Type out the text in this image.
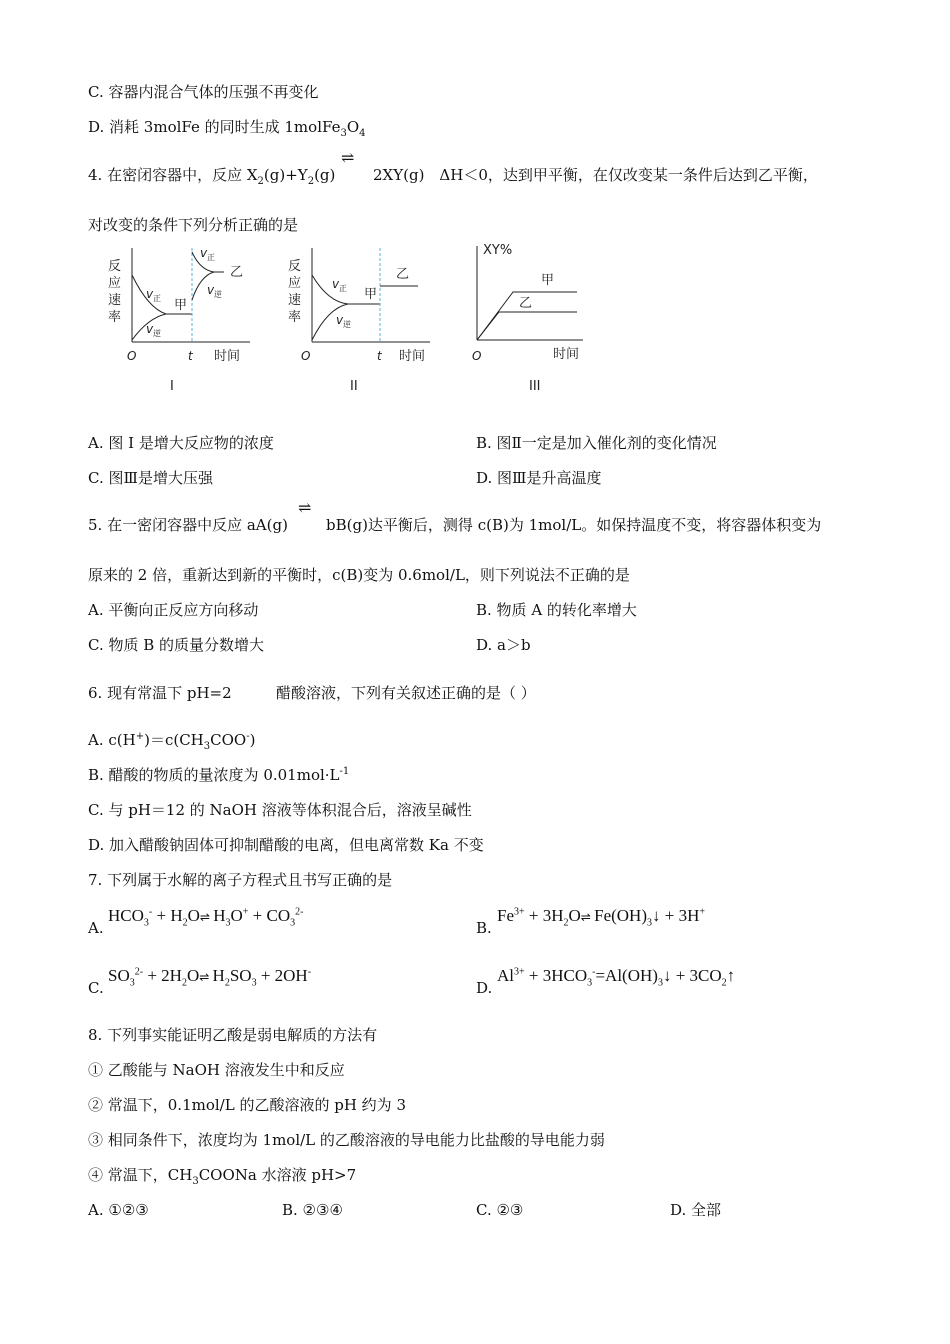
C. 容器内混合气体的压强不再变化
D. 消耗 3molFe 的同时生成 $1molFe_3O_4$
4. 在密闭容器中，反应 $X_2(g)+Y_2(g)$
⇌
2XY(g)　ΔH＜0，达到甲平衡，在仅改变某一条件后达到乙平衡，
对改变的条件下列分析正确的是
反
应
速
率
v 正
v 逆
甲
v 正
v 逆
乙
O	t 时间
I
反
应
速
率
v 正
v 逆
甲
乙
O	t 时间
II
XY%
甲
乙
O	时间
III
A. 图 I 是增大反应物的浓度	B. 图Ⅱ一定是加入催化剂的变化情况
C. 图Ⅲ是增大压强	D. 图Ⅲ是升高温度
5. 在一密闭容器中反应 aA(g)
⇌
bB(g)达平衡后，测得 c(B)为 1mol/L。如保持温度不变，将容器体积变为
原来的 2 倍，重新达到新的平衡时，c(B)变为 0.6mol/L，则下列说法不正确的是
A. 平衡向正反应方向移动	B. 物质 A 的转化率增大
C. 物质 B 的质量分数增大	D. a＞b
6. 现有常温下 pH=2	醋酸溶液，下列有关叙述正确的是（ ）
A. $c(H^+)=c(CH_3COO^-)$
B. 醋酸的物质的量浓度为 $0.01mol\cdot L^{-1}$
C. 与 pH＝12 的 NaOH 溶液等体积混合后，溶液呈碱性
D. 加入醋酸钠固体可抑制醋酸的电离，但电离常数 Ka 不变
7. 下列属于水解的离子方程式且书写正确的是
A.
$HCO_3^-$ + $H_2O\rightleftharpoons$ $H_3O^+ + CO_3^{2-}$
B.
$Fe^{3+}$ + $3H_2O\rightleftharpoons$ $Fe(OH)_3↓ + 3H^+$
C.
$SO_3^{2-}$ + $2H_2O\rightleftharpoons$ $H_2SO_3 + 2OH^-$
D.
$Al^{3+}$ + $3HCO_3^-=Al(OH)_3↓$ + $3CO_2↑$
8. 下列事实能证明乙酸是弱电解质的方法有
① 乙酸能与 NaOH 溶液发生中和反应
② 常温下，0.1mol/L 的乙酸溶液的 pH 约为 3
③ 相同条件下，浓度均为 1mol/L 的乙酸溶液的导电能力比盐酸的导电能力弱
④ 常温下，$CH_3COONa$ 水溶液 pH>7
A. ①②③	B. ②③④	C. ②③	D. 全部
